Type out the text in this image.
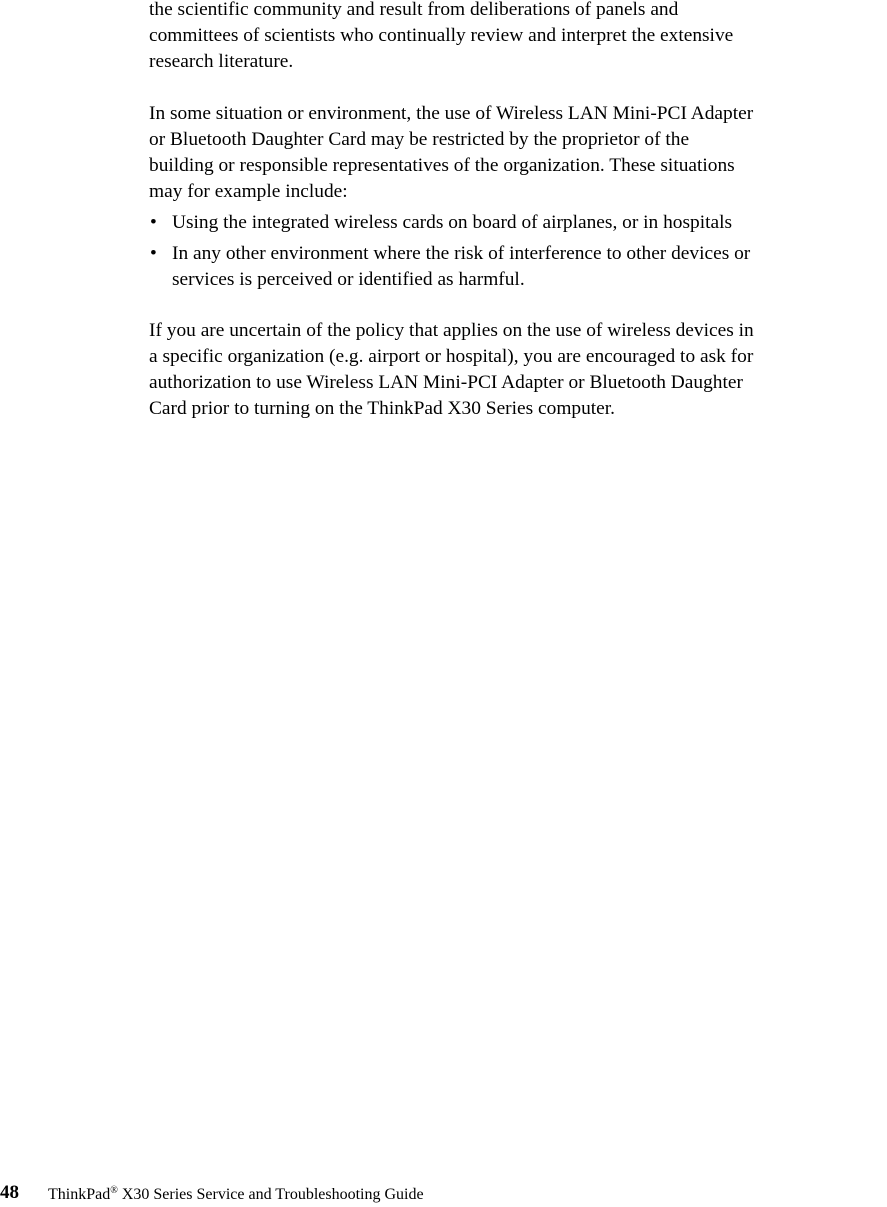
the scientific community and result from deliberations of panels and
committees of scientists who continually review and interpret the extensive
research literature.

In some situation or environment, the use of Wireless LAN Mini-PCI Adapter
or Bluetooth Daughter Card may be restricted by the proprietor of the
building or responsible representatives of the organization. These situations
may for example include:

• Using the integrated wireless cards on board of airplanes, or in hospitals
• In any other environment where the risk of interference to other devices or
services is perceived or identified as harmful.

If you are uncertain of the policy that applies on the use of wireless devices in
a specific organization (e.g. airport or hospital), you are encouraged to ask for
authorization to use Wireless LAN Mini-PCI Adapter or Bluetooth Daughter
Card prior to turning on the ThinkPad X30 Series computer.

48 ThinkPad® X30 Series Service and Troubleshooting Guide
